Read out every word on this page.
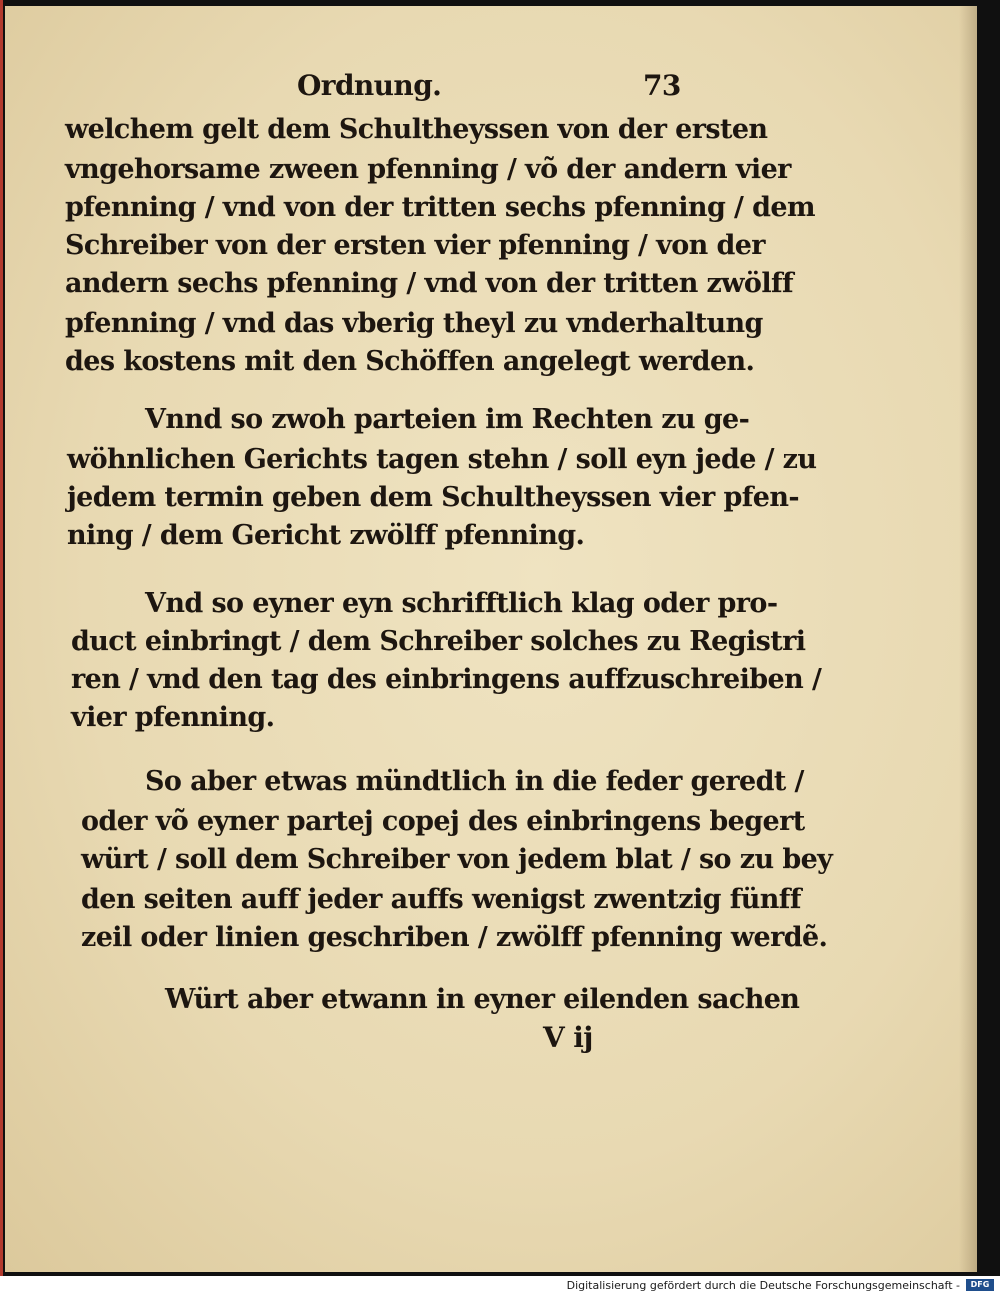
Ordnung.	73
welchem gelt dem Schultheyssen von der ersten
vngehorsame zween pfenning / võ der andern vier
pfenning / vnd von der tritten sechs pfenning / dem
Schreiber von der ersten vier pfenning / von der
andern sechs pfenning / vnd von der tritten zwölff
pfenning / vnd das vberig theyl zu vnderhaltung
des kostens mit den Schöffen angelegt werden.
Vnnd so zwoh parteien im Rechten zu ge-
wöhnlichen Gerichts tagen stehn / soll eyn jede / zu
jedem termin geben dem Schultheyssen vier pfen-
ning / dem Gericht zwölff pfenning.
Vnd so eyner eyn schrifftlich klag oder pro-
duct einbringt / dem Schreiber solches zu Registri
ren / vnd den tag des einbringens auffzuschreiben /
vier pfenning.
So aber etwas mündtlich in die feder geredt /
oder võ eyner partej copej des einbringens begert
würt / soll dem Schreiber von jedem blat / so zu bey
den seiten auff jeder auffs wenigst zwentzig fünff
zeil oder linien geschriben / zwölff pfenning werdẽ.
Würt aber etwann in eyner eilenden sachen
V ij
Digitalisierung gefördert durch die Deutsche Forschungsgemeinschaft -	DFG
